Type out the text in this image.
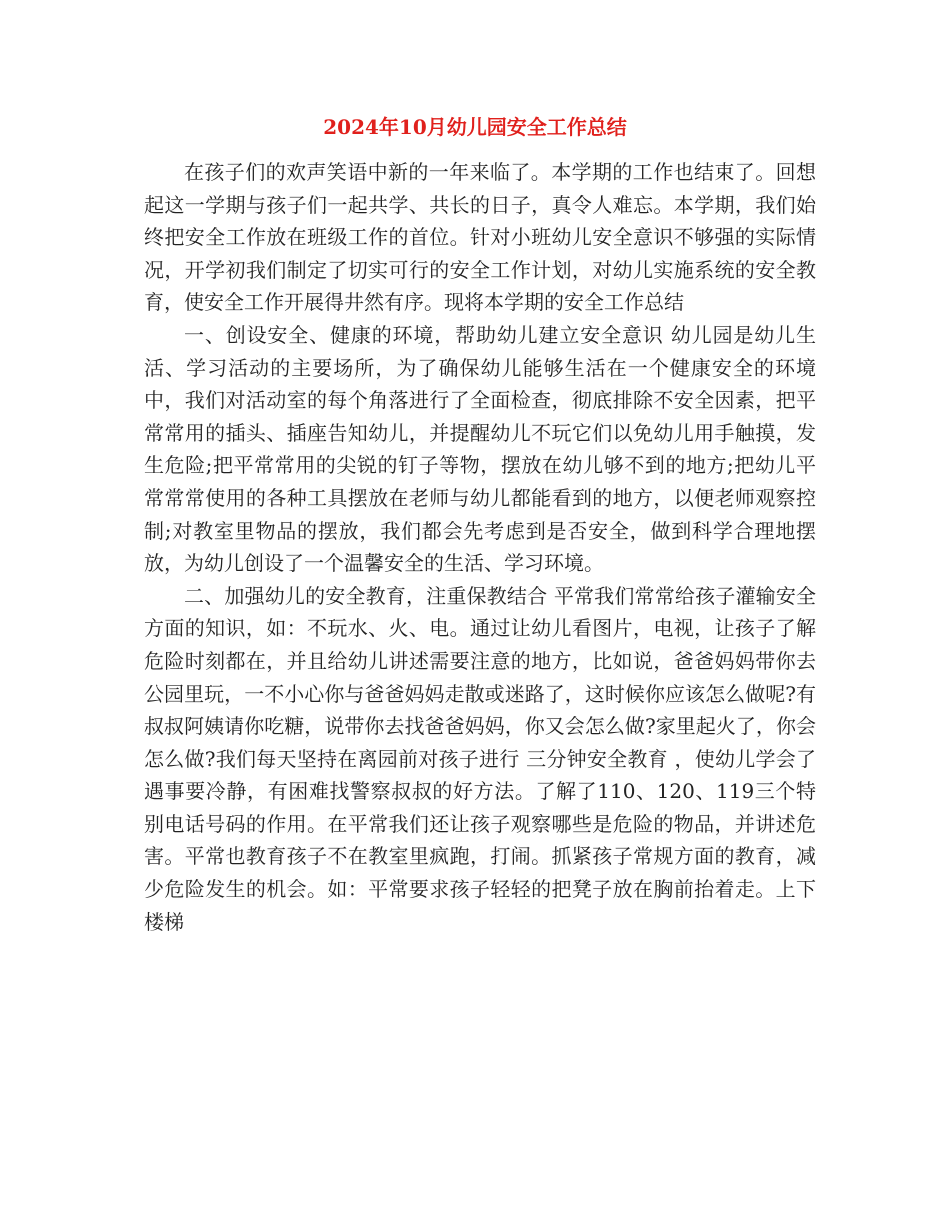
2024年10月幼儿园安全工作总结

在孩子们的欢声笑语中新的一年来临了。本学期的工作也结束了。回想起这一学期与孩子们一起共学、共长的日子，真令人难忘。本学期，我们始终把安全工作放在班级工作的首位。针对小班幼儿安全意识不够强的实际情况，开学初我们制定了切实可行的安全工作计划，对幼儿实施系统的安全教育，使安全工作开展得井然有序。现将本学期的安全工作总结

一、创设安全、健康的环境，帮助幼儿建立安全意识 幼儿园是幼儿生活、学习活动的主要场所，为了确保幼儿能够生活在一个健康安全的环境中，我们对活动室的每个角落进行了全面检查，彻底排除不安全因素，把平常常用的插头、插座告知幼儿，并提醒幼儿不玩它们以免幼儿用手触摸，发生危险;把平常常用的尖锐的钉子等物，摆放在幼儿够不到的地方;把幼儿平常常常使用的各种工具摆放在老师与幼儿都能看到的地方，以便老师观察控制;对教室里物品的摆放，我们都会先考虑到是否安全，做到科学合理地摆放，为幼儿创设了一个温馨安全的生活、学习环境。

二、加强幼儿的安全教育，注重保教结合 平常我们常常给孩子灌输安全方面的知识，如：不玩水、火、电。通过让幼儿看图片，电视，让孩子了解危险时刻都在，并且给幼儿讲述需要注意的地方，比如说，爸爸妈妈带你去公园里玩，一不小心你与爸爸妈妈走散或迷路了，这时候你应该怎么做呢?有叔叔阿姨请你吃糖，说带你去找爸爸妈妈，你又会怎么做?家里起火了，你会怎么做?我们每天坚持在离园前对孩子进行 三分钟安全教育 ，使幼儿学会了遇事要冷静，有困难找警察叔叔的好方法。了解了110、120、119三个特别电话号码的作用。在平常我们还让孩子观察哪些是危险的物品，并讲述危害。平常也教育孩子不在教室里疯跑，打闹。抓紧孩子常规方面的教育，减少危险发生的机会。如：平常要求孩子轻轻的把凳子放在胸前抬着走。上下楼梯
